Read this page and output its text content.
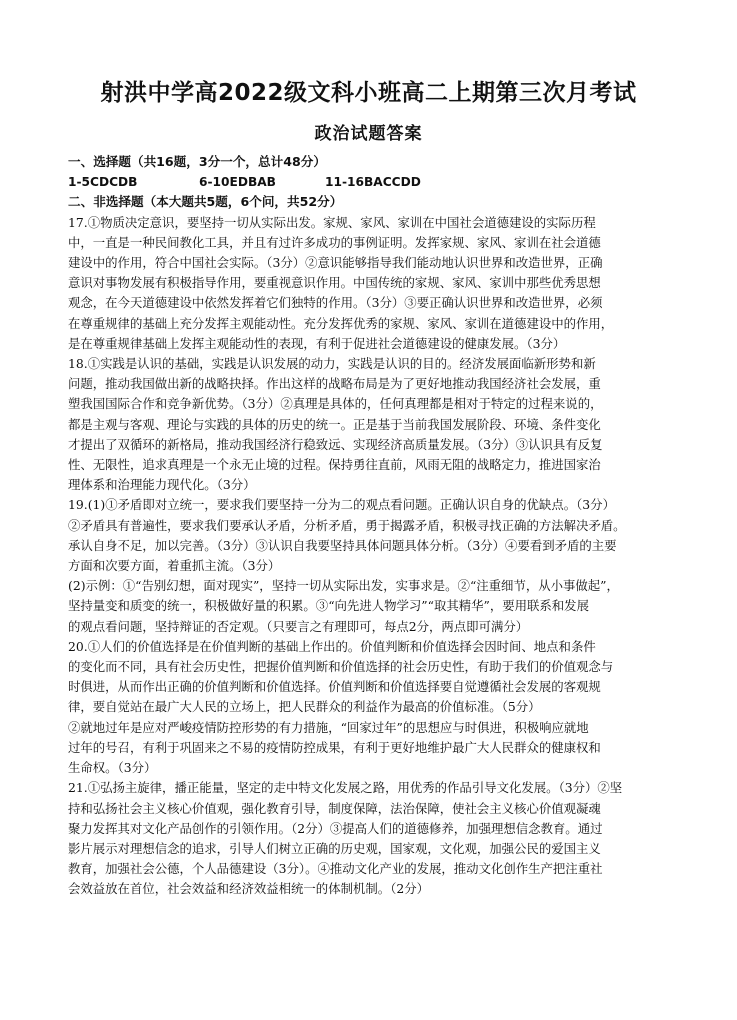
射洪中学高2022级文科小班高二上期第三次月考试
政治试题答案
一、选择题（共16题，3分一个，总计48分）
1-5CDCDB	6-10EDBAB	11-16BACCDD
二、非选择题（本大题共5题，6个问，共52分）
17.①物质决定意识，要坚持一切从实际出发。家规、家风、家训在中国社会道德建设的实际历程
中，一直是一种民间教化工具，并且有过许多成功的事例证明。发挥家规、家风、家训在社会道德
建设中的作用，符合中国社会实际。（3分）②意识能够指导我们能动地认识世界和改造世界，正确
意识对事物发展有积极指导作用，要重视意识作用。中国传统的家规、家风、家训中那些优秀思想
观念，在今天道德建设中依然发挥着它们独特的作用。（3分）③要正确认识世界和改造世界，必须
在尊重规律的基础上充分发挥主观能动性。充分发挥优秀的家规、家风、家训在道德建设中的作用，
是在尊重规律基础上发挥主观能动性的表现，有利于促进社会道德建设的健康发展。（3分）
18.①实践是认识的基础，实践是认识发展的动力，实践是认识的目的。经济发展面临新形势和新
问题，推动我国做出新的战略抉择。作出这样的战略布局是为了更好地推动我国经济社会发展，重
塑我国国际合作和竞争新优势。（3分）②真理是具体的，任何真理都是相对于特定的过程来说的，
都是主观与客观、理论与实践的具体的历史的统一。正是基于当前我国发展阶段、环境、条件变化
才提出了双循环的新格局，推动我国经济行稳致远、实现经济高质量发展。（3分）③认识具有反复
性、无限性，追求真理是一个永无止境的过程。保持勇往直前，风雨无阻的战略定力，推进国家治
理体系和治理能力现代化。（3分）
19.(1)①矛盾即对立统一，要求我们要坚持一分为二的观点看问题。正确认识自身的优缺点。（3分）
②矛盾具有普遍性，要求我们要承认矛盾，分析矛盾，勇于揭露矛盾，积极寻找正确的方法解决矛盾。
承认自身不足，加以完善。（3分）③认识自我要坚持具体问题具体分析。（3分）④要看到矛盾的主要
方面和次要方面，着重抓主流。（3分）
(2)示例：①“告别幻想，面对现实”，坚持一切从实际出发，实事求是。②“注重细节，从小事做起”，
坚持量变和质变的统一，积极做好量的积累。③“向先进人物学习”“取其精华”，要用联系和发展
的观点看问题，坚持辩证的否定观。（只要言之有理即可，每点2分，两点即可满分）
20.①人们的价值选择是在价值判断的基础上作出的。价值判断和价值选择会因时间、地点和条件
的变化而不同，具有社会历史性，把握价值判断和价值选择的社会历史性，有助于我们的价值观念与
时俱进，从而作出正确的价值判断和价值选择。价值判断和价值选择要自觉遵循社会发展的客观规
律，要自觉站在最广大人民的立场上，把人民群众的利益作为最高的价值标准。（5分）
②就地过年是应对严峻疫情防控形势的有力措施，“回家过年”的思想应与时俱进，积极响应就地
过年的号召，有利于巩固来之不易的疫情防控成果，有利于更好地维护最广大人民群众的健康权和
生命权。（3分）
21.①弘扬主旋律，播正能量，坚定的走中特文化发展之路，用优秀的作品引导文化发展。（3分）②坚
持和弘扬社会主义核心价值观，强化教育引导，制度保障，法治保障，使社会主义核心价值观凝魂
聚力发挥其对文化产品创作的引领作用。（2分）③提高人们的道德修养，加强理想信念教育。通过
影片展示对理想信念的追求，引导人们树立正确的历史观，国家观，文化观，加强公民的爱国主义
教育，加强社会公德，个人品德建设（3分）。④推动文化产业的发展，推动文化创作生产把注重社
会效益放在首位，社会效益和经济效益相统一的体制机制。（2分）
